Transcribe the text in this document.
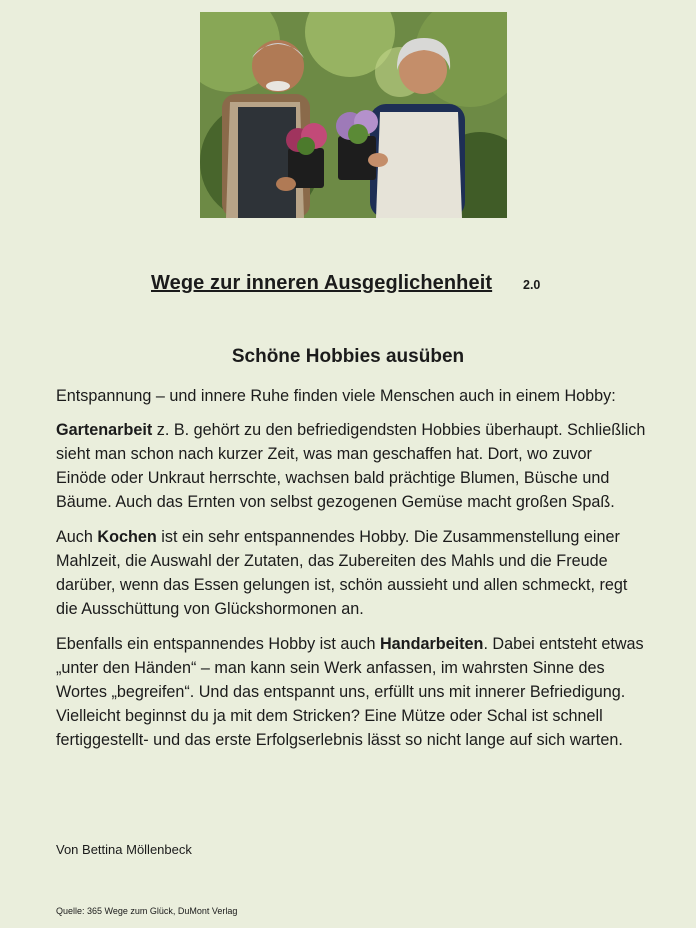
Wege zur inneren Ausgeglichenheit 2.0
Schöne Hobbies ausüben

Entspannung – und innere Ruhe finden viele Menschen auch in einem Hobby:

Gartenarbeit z. B. gehört zu den befriedigendsten Hobbies überhaupt. Schließlich sieht man schon nach kurzer Zeit, was man geschaffen hat. Dort, wo zuvor Einöde oder Unkraut herrschte, wachsen bald prächtige Blumen, Büsche und Bäume. Auch das Ernten von selbst gezogenen Gemüse macht großen Spaß.

Auch Kochen ist ein sehr entspannendes Hobby. Die Zusammenstellung einer Mahlzeit, die Auswahl der Zutaten, das Zubereiten des Mahls und die Freude darüber, wenn das Essen gelungen ist, schön aussieht und allen schmeckt, regt die Ausschüttung von Glückshormonen an.

Ebenfalls ein entspannendes Hobby ist auch Handarbeiten. Dabei entsteht etwas „unter den Händen“ – man kann sein Werk anfassen, im wahrsten Sinne des Wortes „begreifen“. Und das entspannt uns, erfüllt uns mit innerer Befriedigung. Vielleicht beginnst du ja mit dem Stricken? Eine Mütze oder Schal ist schnell fertiggestellt- und das erste Erfolgserlebnis lässt so nicht lange auf sich warten.

Von Bettina Möllenbeck
Quelle: 365 Wege zum Glück, DuMont Verlag
